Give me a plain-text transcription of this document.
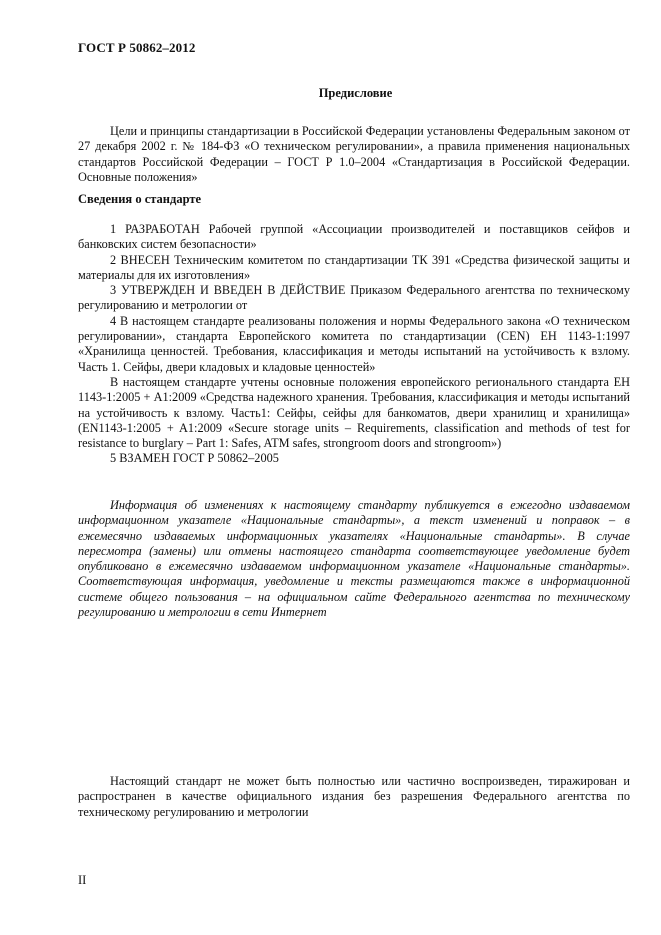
ГОСТ Р 50862–2012
Предисловие

Цели и принципы стандартизации в Российской Федерации установлены Федеральным законом от 27 декабря 2002 г. № 184-ФЗ «О техническом регулировании», а правила применения национальных стандартов Российской Федерации – ГОСТ Р 1.0–2004 «Стандартизация в Российской Федерации. Основные положения»

Сведения о стандарте

1 РАЗРАБОТАН Рабочей группой «Ассоциации производителей и поставщиков сейфов и банковских систем безопасности»

2 ВНЕСЕН Техническим комитетом по стандартизации ТК 391 «Средства физической защиты и материалы для их изготовления»

3 УТВЕРЖДЕН И ВВЕДЕН В ДЕЙСТВИЕ Приказом Федерального агентства по техническому регулированию и метрологии от

4 В настоящем стандарте реализованы положения и нормы Федерального закона «О техническом регулировании», стандарта Европейского комитета по стандартизации (CEN) ЕН 1143-1:1997 «Хранилища ценностей. Требования, классификация и методы испытаний на устойчивость к взлому. Часть 1. Сейфы, двери кладовых и кладовые ценностей»

В настоящем стандарте учтены основные положения европейского регионального стандарта ЕН 1143-1:2005 + А1:2009 «Средства надежного хранения. Требования, классификация и методы испытаний на устойчивость к взлому. Часть1: Сейфы, сейфы для банкоматов, двери хранилищ и хранилища» (EN1143-1:2005 + A1:2009 «Secure storage units – Requirements, classification and methods of test for resistance to burglary – Part 1: Safes, ATM safes, strongroom doors and strongroom»)

5 ВЗАМЕН ГОСТ Р 50862–2005

Информация об изменениях к настоящему стандарту публикуется в ежегодно издаваемом информационном указателе «Национальные стандарты», а текст изменений и поправок – в ежемесячно издаваемых информационных указателях «Национальные стандарты». В случае пересмотра (замены) или отмены настоящего стандарта соответствующее уведомление будет опубликовано в ежемесячно издаваемом информационном указателе «Национальные стандарты». Соответствующая информация, уведомление и тексты размещаются также в информационной системе общего пользования – на официальном сайте Федерального агентства по техническому регулированию и метрологии в сети Интернет
Настоящий стандарт не может быть полностью или частично воспроизведен, тиражирован и распространен в качестве официального издания без разрешения Федерального агентства по техническому регулированию и метрологии
II
